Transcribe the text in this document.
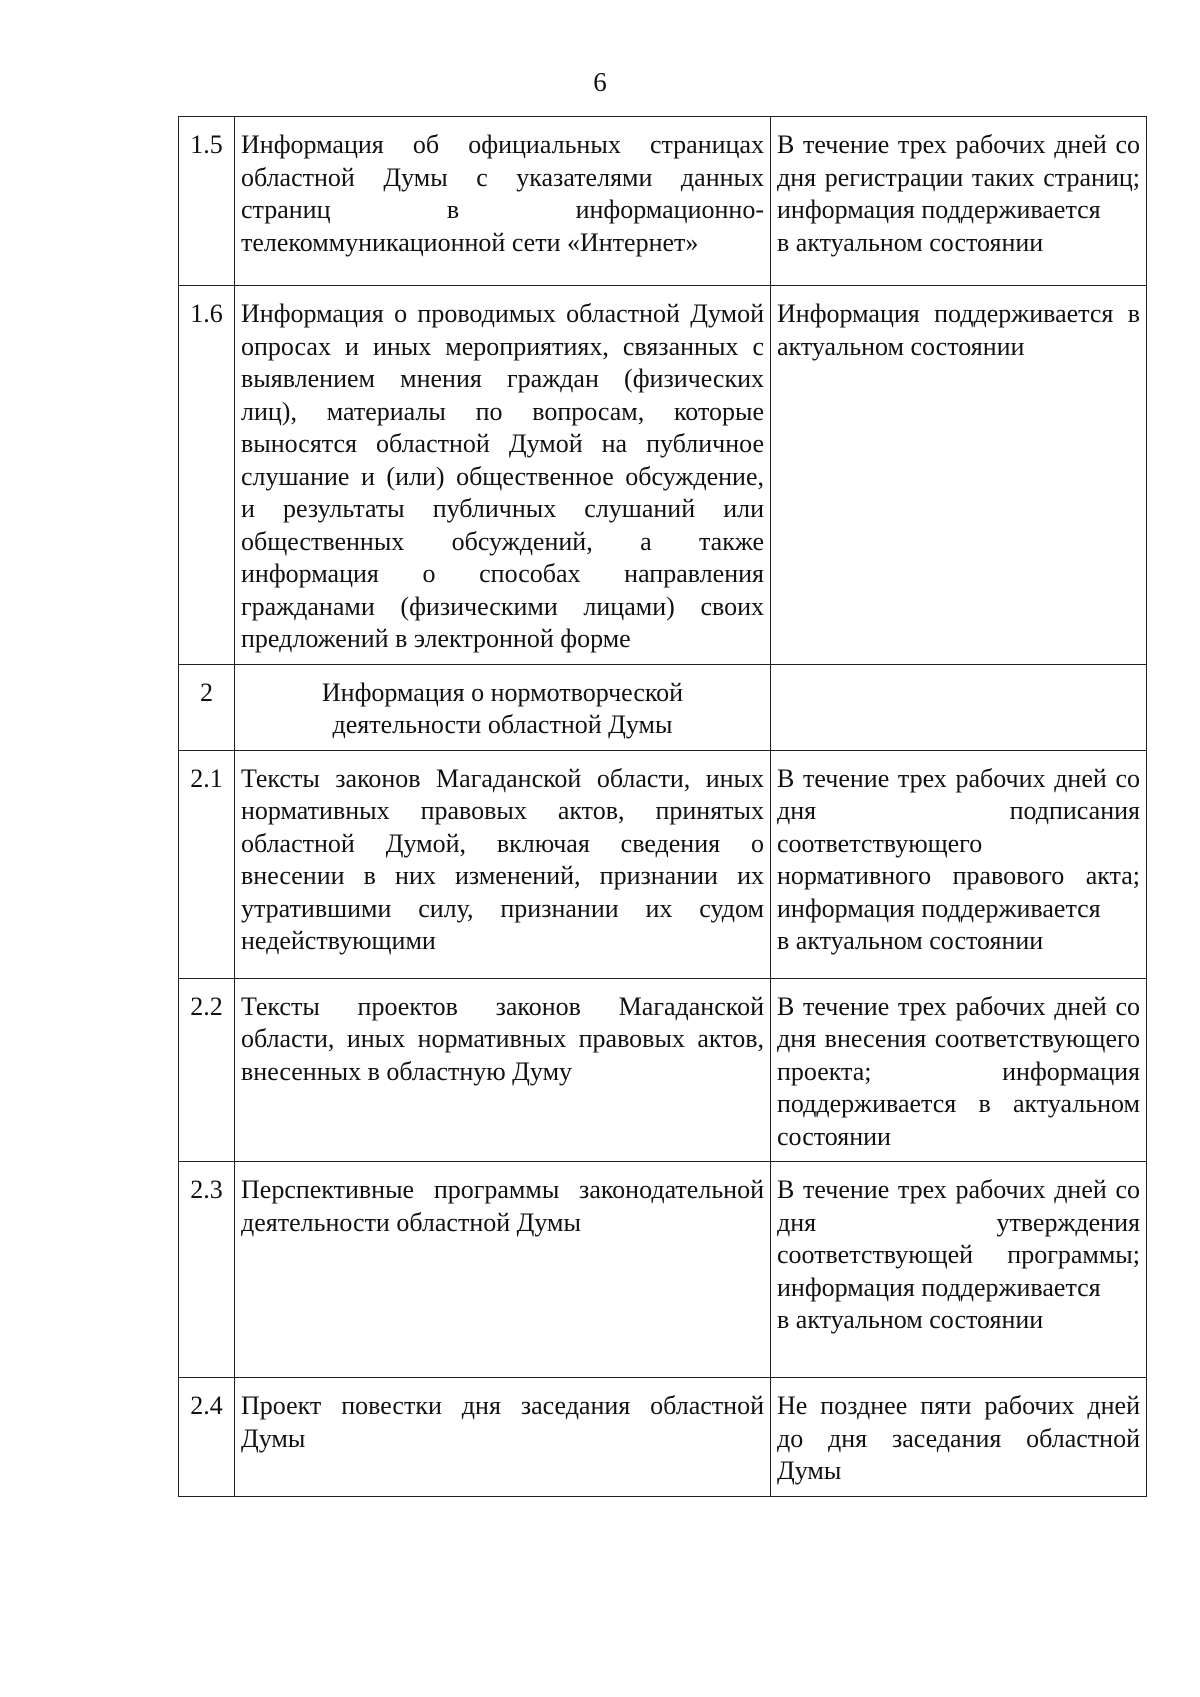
6
1.5	Информация об официальных страницах областной Думы с указателями данных страниц в информационно-телекоммуникационной сети «Интернет»	В течение трех рабочих дней со дня регистрации таких страниц; информация поддерживается
в актуальном состоянии

1.6	Информация о проводимых областной Думой опросах и иных мероприятиях, связанных с выявлением мнения граждан (физических лиц), материалы по вопросам, которые выносятся областной Думой на публичное слушание и (или) общественное обсуждение, и результаты публичных слушаний или общественных обсуждений, а также информация о способах направления гражданами (физическими лицами) своих предложений в электронной форме	Информация поддерживается в актуальном состоянии

2	Информация о нормотворческой
деятельности областной Думы	

2.1	Тексты законов Магаданской области, иных нормативных правовых актов, принятых областной Думой, включая сведения о внесении в них изменений, признании их утратившими силу, признании их судом недействующими	В течение трех рабочих дней со дня подписания соответствующего нормативного правового акта; информация поддерживается
в актуальном состоянии

2.2	Тексты проектов законов Магаданской области, иных нормативных правовых актов, внесенных в областную Думу	В течение трех рабочих дней со дня внесения соответствующего проекта; информация поддерживается в актуальном состоянии

2.3	Перспективные программы законодательной деятельности областной Думы	В течение трех рабочих дней со дня утверждения соответствующей программы; информация поддерживается
в актуальном состоянии

2.4	Проект повестки дня заседания областной Думы	Не позднее пяти рабочих дней до дня заседания областной Думы
